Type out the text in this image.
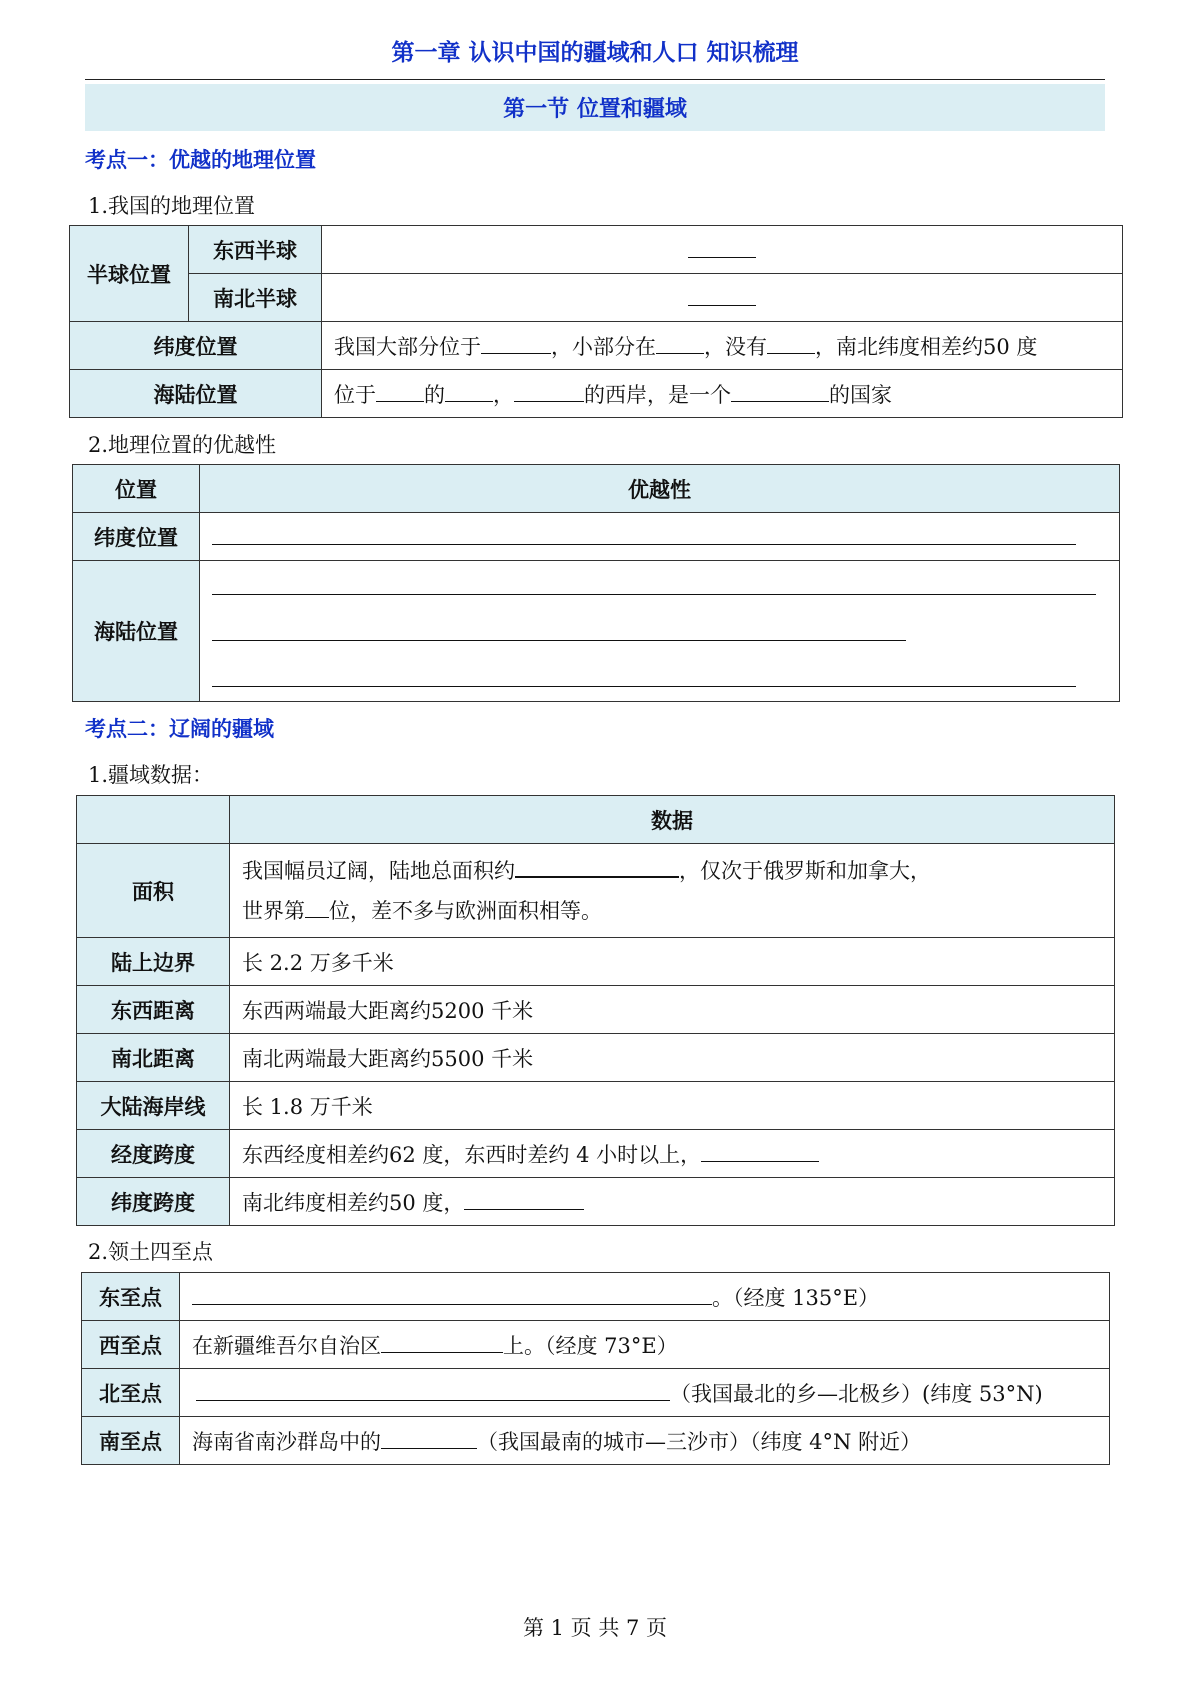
第一章 认识中国的疆域和人口 知识梳理
第一节 位置和疆域
考点一：优越的地理位置
1.我国的地理位置
半球位置	东西半球	
	南北半球	
纬度位置		我国大部分位于 ，小部分在 ，没有 ，南北纬度相差约50 度
海陆位置		位于 的 ， 的西岸，是一个 的国家
2.地理位置的优越性
位置	优越性
纬度位置	

海陆位置	
考点二：辽阔的疆域
1.疆域数据：
	数据
面积	我国幅员辽阔，陆地总面积约 ，仅次于俄罗斯和加拿大，
世界第 位，差不多与欧洲面积相等。

陆上边界	长 2.2 万多千米
东西距离	东西两端最大距离约5200 千米
南北距离	南北两端最大距离约5500 千米
大陆海岸线	长 1.8 万千米
经度跨度	东西经度相差约62 度，东西时差约 4 小时以上，
纬度跨度	南北纬度相差约50 度，
2.领土四至点
东至点	。（经度 135°E）
西至点	在新疆维吾尔自治区 上。（经度 73°E）
北至点	（我国最北的乡—北极乡）(纬度 53°N)
南至点	海南省南沙群岛中的 （我国最南的城市—三沙市）（纬度 4°N 附近）
第 1 页 共 7 页
